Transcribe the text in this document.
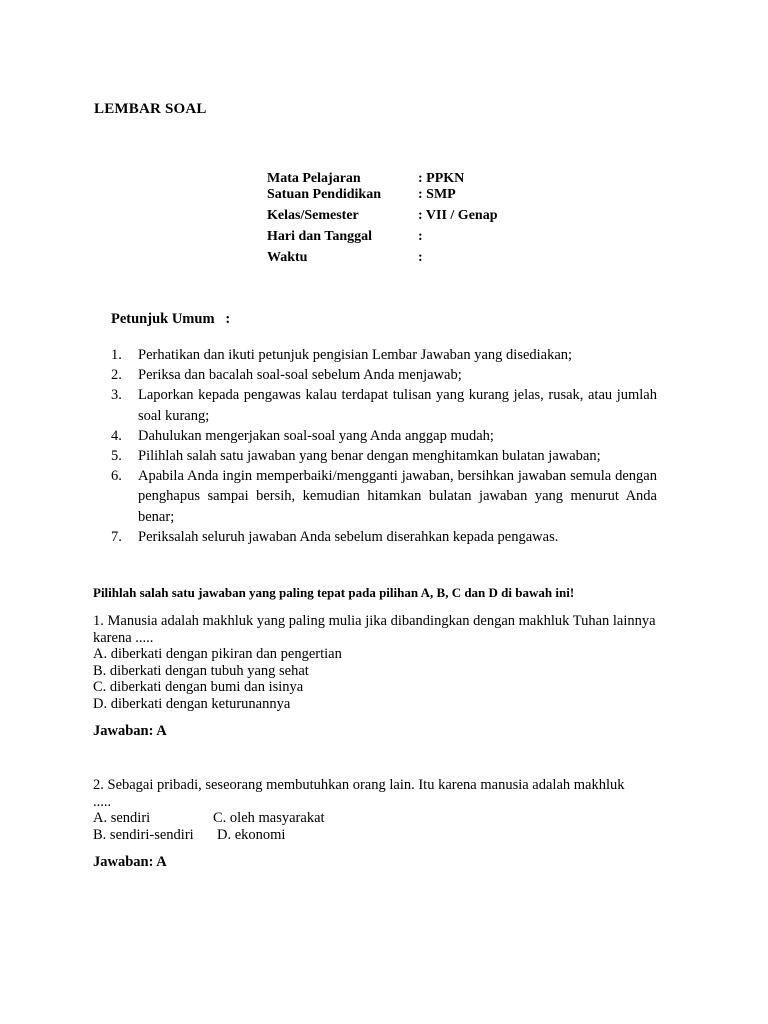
LEMBAR SOAL
Mata Pelajaran	: PPKN
Satuan Pendidikan	: SMP
Kelas/Semester	: VII / Genap
Hari dan Tanggal	:
Waktu	:
Petunjuk Umum   :
1.	Perhatikan dan ikuti petunjuk pengisian Lembar Jawaban yang disediakan;
2.	Periksa dan bacalah soal-soal sebelum Anda menjawab;
3.	Laporkan kepada pengawas kalau terdapat tulisan yang kurang jelas, rusak, atau jumlah soal kurang;
4.	Dahulukan mengerjakan soal-soal yang Anda anggap mudah;
5.	Pilihlah salah satu jawaban yang benar dengan menghitamkan bulatan jawaban;
6.	Apabila Anda ingin memperbaiki/mengganti jawaban, bersihkan jawaban semula dengan penghapus sampai bersih, kemudian hitamkan bulatan jawaban yang menurut Anda benar;
7.	Periksalah seluruh jawaban Anda sebelum diserahkan kepada pengawas.
Pilihlah salah satu jawaban yang paling tepat pada pilihan A, B, C dan D di bawah ini!
1. Manusia adalah makhluk yang paling mulia jika dibandingkan dengan makhluk Tuhan lainnya karena .....
A. diberkati dengan pikiran dan pengertian
B. diberkati dengan tubuh yang sehat
C. diberkati dengan bumi dan isinya
D. diberkati dengan keturunannya
Jawaban: A
2. Sebagai pribadi, seseorang membutuhkan orang lain. Itu karena manusia adalah makhluk .....
A. sendiri	C. oleh masyarakat
B. sendiri-sendiri	D. ekonomi
Jawaban: A
